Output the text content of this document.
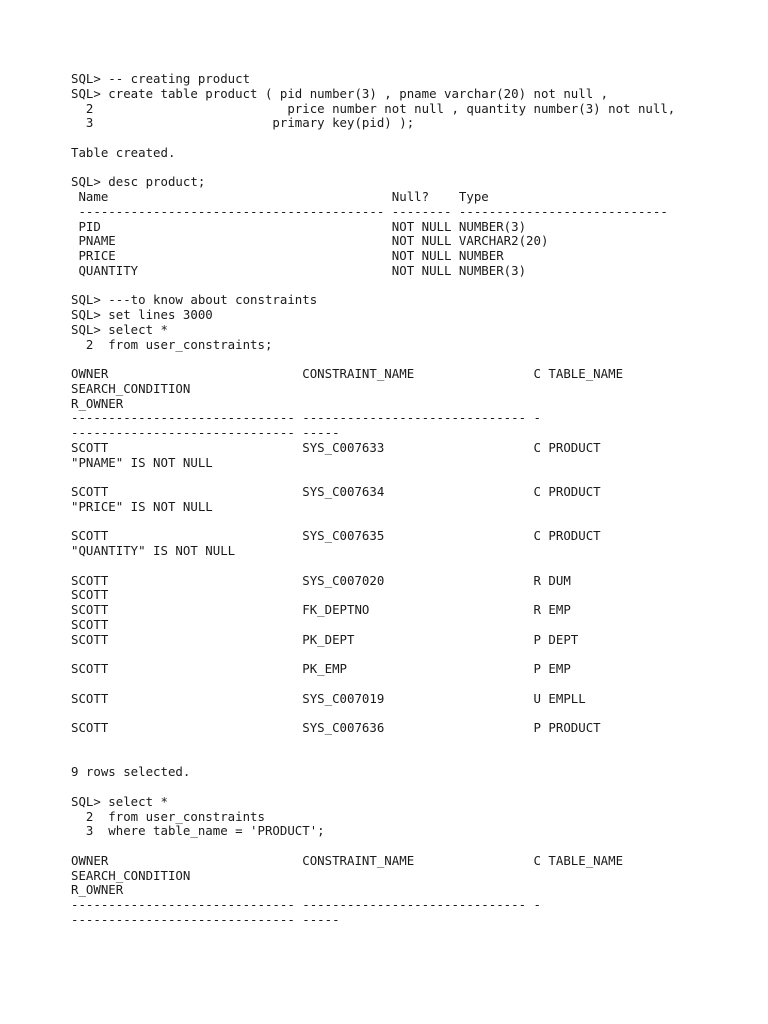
SQL> -- creating product
SQL> create table product ( pid number(3) , pname varchar(20) not null ,
2                          price number not null , quantity number(3) not null,
3                        primary key(pid) );
Table created.
SQL> desc product;
Name                                      Null?    Type
----------------------------------------- -------- ----------------------------
PID                                       NOT NULL NUMBER(3)
PNAME                                     NOT NULL VARCHAR2(20)
PRICE                                     NOT NULL NUMBER
QUANTITY                                  NOT NULL NUMBER(3)
SQL> ---to know about constraints
SQL> set lines 3000
SQL> select *
2  from user_constraints;
OWNER                          CONSTRAINT_NAME                C TABLE_NAME
SEARCH_CONDITION
R_OWNER
------------------------------ ------------------------------ -
------------------------------ -----
SCOTT                          SYS_C007633                    C PRODUCT
"PNAME" IS NOT NULL
SCOTT                          SYS_C007634                    C PRODUCT
"PRICE" IS NOT NULL
SCOTT                          SYS_C007635                    C PRODUCT
"QUANTITY" IS NOT NULL
SCOTT                          SYS_C007020                    R DUM
SCOTT
SCOTT                          FK_DEPTNO                      R EMP
SCOTT
SCOTT                          PK_DEPT                        P DEPT
SCOTT                          PK_EMP                         P EMP
SCOTT                          SYS_C007019                    U EMPLL
SCOTT                          SYS_C007636                    P PRODUCT
9 rows selected.
SQL> select *
2  from user_constraints
3  where table_name = 'PRODUCT';
OWNER                          CONSTRAINT_NAME                C TABLE_NAME
SEARCH_CONDITION
R_OWNER
------------------------------ ------------------------------ -
------------------------------ -----
